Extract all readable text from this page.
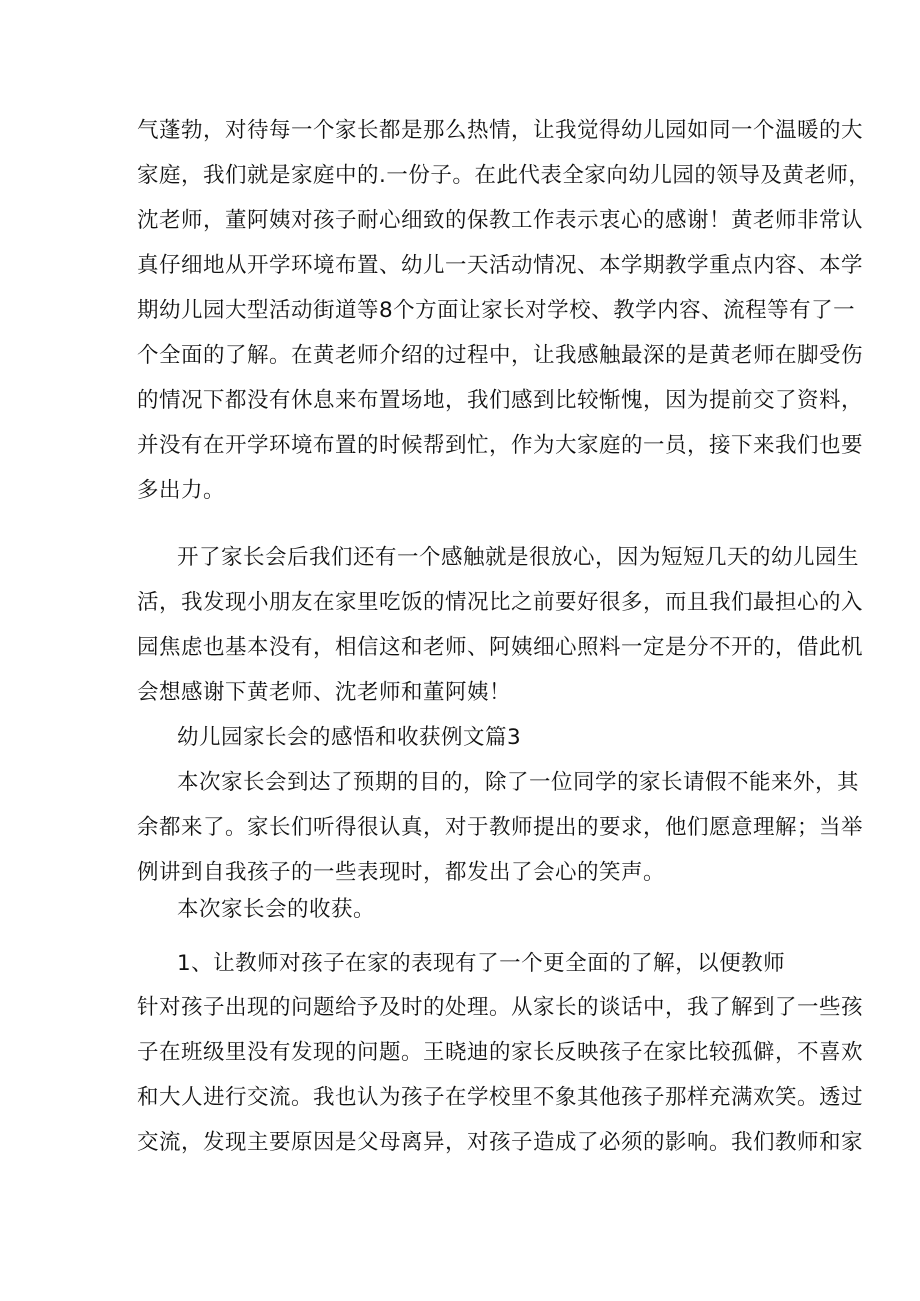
气蓬勃，对待每一个家长都是那么热情，让我觉得幼儿园如同一个温暖的大
家庭，我们就是家庭中的.一份子。在此代表全家向幼儿园的领导及黄老师，
沈老师，董阿姨对孩子耐心细致的保教工作表示衷心的感谢！黄老师非常认
真仔细地从开学环境布置、幼儿一天活动情况、本学期教学重点内容、本学
期幼儿园大型活动街道等8个方面让家长对学校、教学内容、流程等有了一
个全面的了解。在黄老师介绍的过程中，让我感触最深的是黄老师在脚受伤
的情况下都没有休息来布置场地，我们感到比较惭愧，因为提前交了资料，
并没有在开学环境布置的时候帮到忙，作为大家庭的一员，接下来我们也要
多出力。
开了家长会后我们还有一个感触就是很放心，因为短短几天的幼儿园生
活，我发现小朋友在家里吃饭的情况比之前要好很多，而且我们最担心的入
园焦虑也基本没有，相信这和老师、阿姨细心照料一定是分不开的，借此机
会想感谢下黄老师、沈老师和董阿姨！
幼儿园家长会的感悟和收获例文篇3
本次家长会到达了预期的目的，除了一位同学的家长请假不能来外，其
余都来了。家长们听得很认真，对于教师提出的要求，他们愿意理解；当举
例讲到自我孩子的一些表现时，都发出了会心的笑声。
本次家长会的收获。
1、让教师对孩子在家的表现有了一个更全面的了解，以便教师
针对孩子出现的问题给予及时的处理。从家长的谈话中，我了解到了一些孩
子在班级里没有发现的问题。王晓迪的家长反映孩子在家比较孤僻，不喜欢
和大人进行交流。我也认为孩子在学校里不象其他孩子那样充满欢笑。透过
交流，发现主要原因是父母离异，对孩子造成了必须的影响。我们教师和家
